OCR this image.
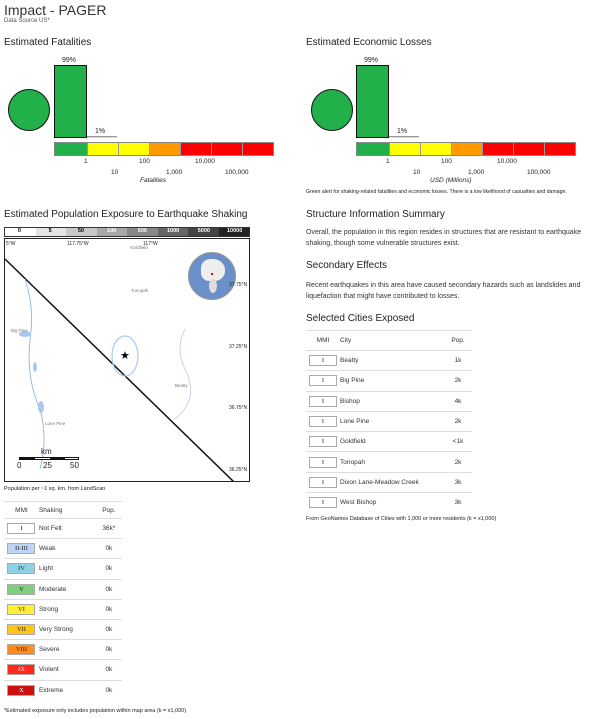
Impact - PAGER
Data Source US*
Estimated Fatalities
99%
1%
1	100	10,000
10	1,000	100,000
Fatalities
Estimated Economic Losses
99%
1%
1	100	10,000
10	1,000	100,000
USD (Millions)
Green alert for shaking-related fatalities and economic losses. There is a low likelihood of casualties and damage.
Estimated Population Exposure to Earthquake Shaking
0	5	50	100	500	1000	5000	10000
★
5°W	117.75°W	117°W
37.75°N
37.25°N
36.75°N
36.25°N
Goldfield
Big Pine
Lone Pine
Beatty
Tonopah
km
0	25 50
Population per ~1 sq. km. from LandScan
MMI	Shaking	Pop.
I	Not Felt	36k*
II-III	Weak	0k
IV	Light	0k
V	Moderate	0k
VI	Strong	0k
VII	Very Strong	0k
VIII	Severe	0k
IX	Violent	0k
X	Extreme	0k
*Estimated exposure only includes population within map area (k = x1,000)
Structure Information Summary
Overall, the population in this region resides in structures that are resistant to earthquake shaking, though some vulnerable structures exist.
Secondary Effects
Recent earthquakes in this area have caused secondary hazards such as landslides and liquefaction that might have contributed to losses.
Selected Cities Exposed
MMI	City	Pop.
I	Beatty	1k
I	Big Pine	2k
I	Bishop	4k
I	Lone Pine	2k
I	Goldfield	<1k
I	Tonopah	2k
I	Dixon Lane-Meadow Creek	3k
I	West Bishop	3k
From GeoNames Database of Cities with 1,000 or more residents (k = x1,000)
